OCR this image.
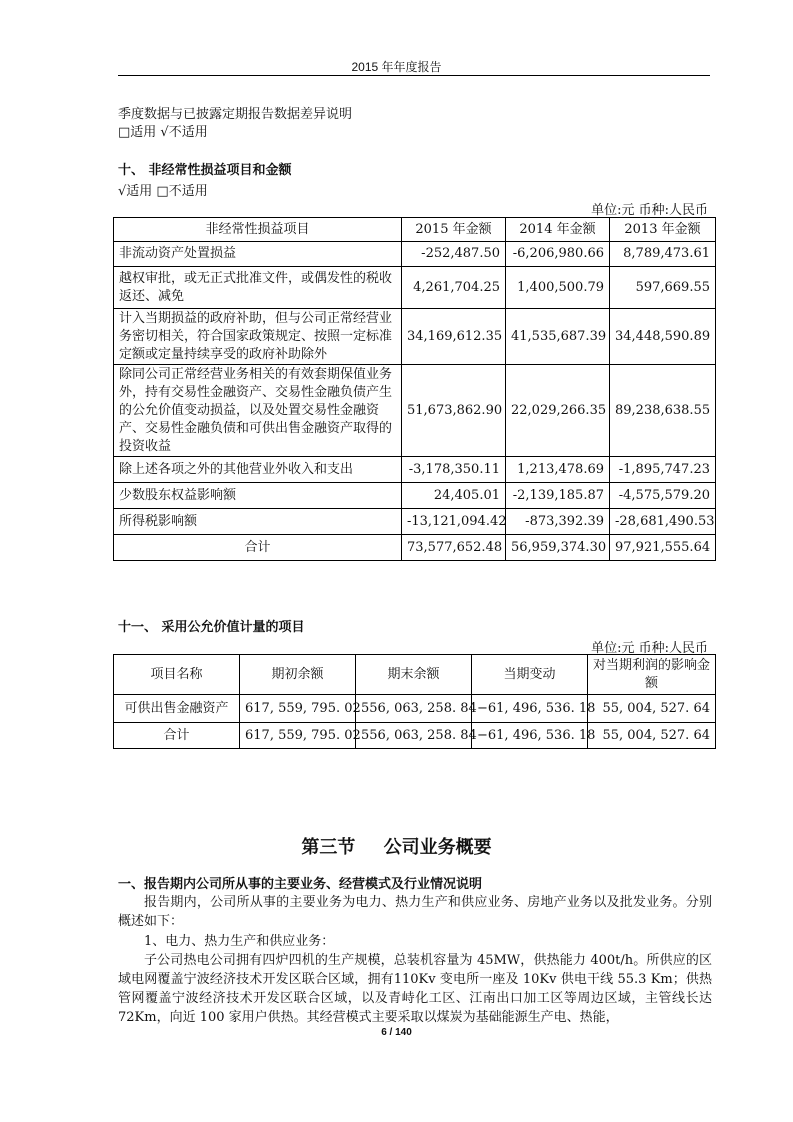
2015 年年度报告
季度数据与已披露定期报告数据差异说明
□适用 √不适用
十、 非经常性损益项目和金额
√适用 □不适用
单位:元 币种:人民币
非经常性损益项目	2015 年金额	2014 年金额	2013 年金额
非流动资产处置损益	-252,487.50	-6,206,980.66	8,789,473.61
越权审批，或无正式批准文件，或偶发性的税收返还、减免	4,261,704.25	1,400,500.79	597,669.55
计入当期损益的政府补助，但与公司正常经营业务密切相关，符合国家政策规定、按照一定标准定额或定量持续享受的政府补助除外	34,169,612.35	41,535,687.39	34,448,590.89
除同公司正常经营业务相关的有效套期保值业务外，持有交易性金融资产、交易性金融负债产生的公允价值变动损益，以及处置交易性金融资产、交易性金融负债和可供出售金融资产取得的投资收益	51,673,862.90	22,029,266.35	89,238,638.55
除上述各项之外的其他营业外收入和支出	-3,178,350.11	1,213,478.69	-1,895,747.23
少数股东权益影响额	24,405.01	-2,139,185.87	-4,575,579.20
所得税影响额	-13,121,094.42	-873,392.39	-28,681,490.53
合计	73,577,652.48	56,959,374.30	97,921,555.64
十一、 采用公允价值计量的项目
单位:元 币种:人民币
项目名称	期初余额	期末余额	当期变动	对当期利润的影响金额
可供出售金融资产	617, 559, 795. 02	556, 063, 258. 84	−61, 496, 536. 18	55, 004, 527. 64
合计	617, 559, 795. 02	556, 063, 258. 84	−61, 496, 536. 18	55, 004, 527. 64
第三节 公司业务概要
一、报告期内公司所从事的主要业务、经营模式及行业情况说明
报告期内，公司所从事的主要业务为电力、热力生产和供应业务、房地产业务以及批发业务。分别概述如下：
1、电力、热力生产和供应业务：
子公司热电公司拥有四炉四机的生产规模，总装机容量为 45MW，供热能力 400t/h。所供应的区域电网覆盖宁波经济技术开发区联合区域，拥有110Kv 变电所一座及 10Kv 供电干线 55.3 Km；供热管网覆盖宁波经济技术开发区联合区域，以及青峙化工区、江南出口加工区等周边区域，主管线长达 72Km，向近 100 家用户供热。其经营模式主要采取以煤炭为基础能源生产电、热能，
6 / 140
